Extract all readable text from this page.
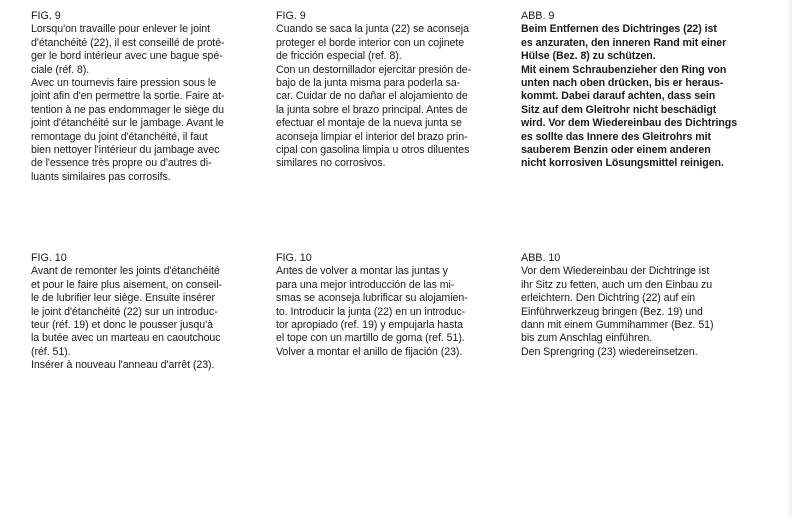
FIG. 9
Lorsqu'on travaille pour enlever le joint
d'étanchéité (22), il est conseillé de proté-
ger le bord intérieur avec une bague spé-
ciale (réf. 8).
Avec un tournevis faire pression sous le
joint afin d'en permettre la sortie. Faire at-
tention à ne pas endommager le siège du
joint d'étanchéité sur le jambage. Avant le
remontage du joint d'étanchéité, il faut
bien nettoyer l'intérieur du jambage avec
de l'essence très propre ou d'autres di-
luants similaires pas corrosifs.
FIG. 9
Cuando se saca la junta (22) se aconseja
proteger el borde interior con un cojinete
de fricción especial (ref. 8).
Con un destornillador ejercitar presión de-
bajo de la junta misma para poderla sa-
car. Cuidar de no dañar el alojamiento de
la junta sobre el brazo principal. Antes de
efectuar el montaje de la nueva junta se
aconseja limpiar el interior del brazo prin-
cipal con gasolina limpia u otros diluentes
similares no corrosivos.
ABB. 9
Beim Entfernen des Dichtringes (22) ist
es anzuraten, den inneren Rand mit einer
Hülse (Bez. 8) zu schützen.
Mit einem Schraubenzieher den Ring von
unten nach oben drücken, bis er heraus-
kommt. Dabei darauf achten, dass sein
Sitz auf dem Gleitrohr nicht beschädigt
wird. Vor dem Wiedereinbau des Dichtrings
es sollte das Innere des Gleitrohrs mit
sauberem Benzin oder einem anderen
nicht korrosiven Lösungsmittel reinigen.
FIG. 10
Avant de remonter les joints d'étanchéité
et pour le faire plus aisement, on conseil-
le de lubrifier leur siège. Ensuite insérer
le joint d'étanchéité (22) sur un introduc-
teur (réf. 19) et donc le pousser jusqu'à
la butée avec un marteau en caoutchouc
(réf. 51).
Insérer à nouveau l'anneau d'arrêt (23).
FIG. 10
Antes de volver a montar las juntas y
para una mejor introducción de las mi-
smas se aconseja lubrificar su alojamien-
to. Introducir la junta (22) en un introduc-
tor apropiado (ref. 19) y empujarla hasta
el tope con un martillo de goma (ref. 51).
Volver a montar el anillo de fijación (23).
ABB. 10
Vor dem Wiedereinbau der Dichtringe ist
ihr Sitz zu fetten, auch um den Einbau zu
erleichtern. Den Dichtring (22) auf ein
Einführwerkzeug bringen (Bez. 19) und
dann mit einem Gummihammer (Bez. 51)
bis zum Anschlag einführen.
Den Sprengring (23) wiedereinsetzen.
